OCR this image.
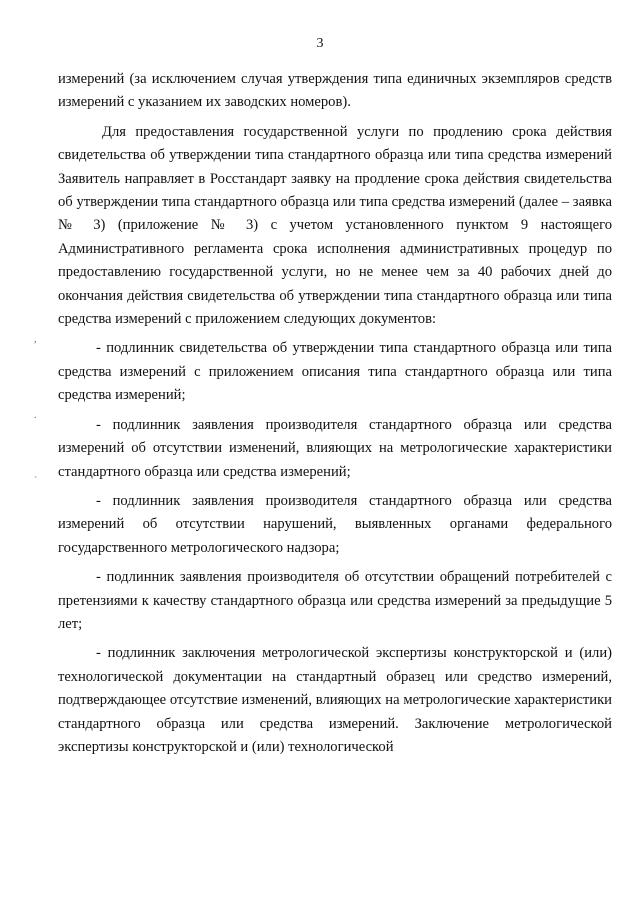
3
,
.
`

измерений (за исключением случая утверждения типа единичных экземпляров средств измерений с указанием их заводских номеров).

Для предоставления государственной услуги по продлению срока действия свидетельства об утверждении типа стандартного образца или типа средства измерений Заявитель направляет в Росстандарт заявку на продление срока действия свидетельства об утверждении типа стандартного образца или типа средства измерений (далее – заявка № 3) (приложение № 3) с учетом установленного пунктом 9 настоящего Административного регламента срока исполнения административных процедур по предоставлению государственной услуги, но не менее чем за 40 рабочих дней до окончания действия свидетельства об утверждении типа стандартного образца или типа средства измерений с приложением следующих документов:

- подлинник свидетельства об утверждении типа стандартного образца или типа средства измерений с приложением описания типа стандартного образца или типа средства измерений;

- подлинник заявления производителя стандартного образца или средства измерений об отсутствии изменений, влияющих на метрологические характеристики стандартного образца или средства измерений;

- подлинник заявления производителя стандартного образца или средства измерений об отсутствии нарушений, выявленных органами федерального государственного метрологического надзора;

- подлинник заявления производителя об отсутствии обращений потребителей с претензиями к качеству стандартного образца или средства измерений за предыдущие 5 лет;

- подлинник заключения метрологической экспертизы конструкторской и (или) технологической документации на стандартный образец или средство измерений, подтверждающее отсутствие изменений, влияющих на метрологические характеристики стандартного образца или средства измерений. Заключение метрологической экспертизы конструкторской и (или) технологической
